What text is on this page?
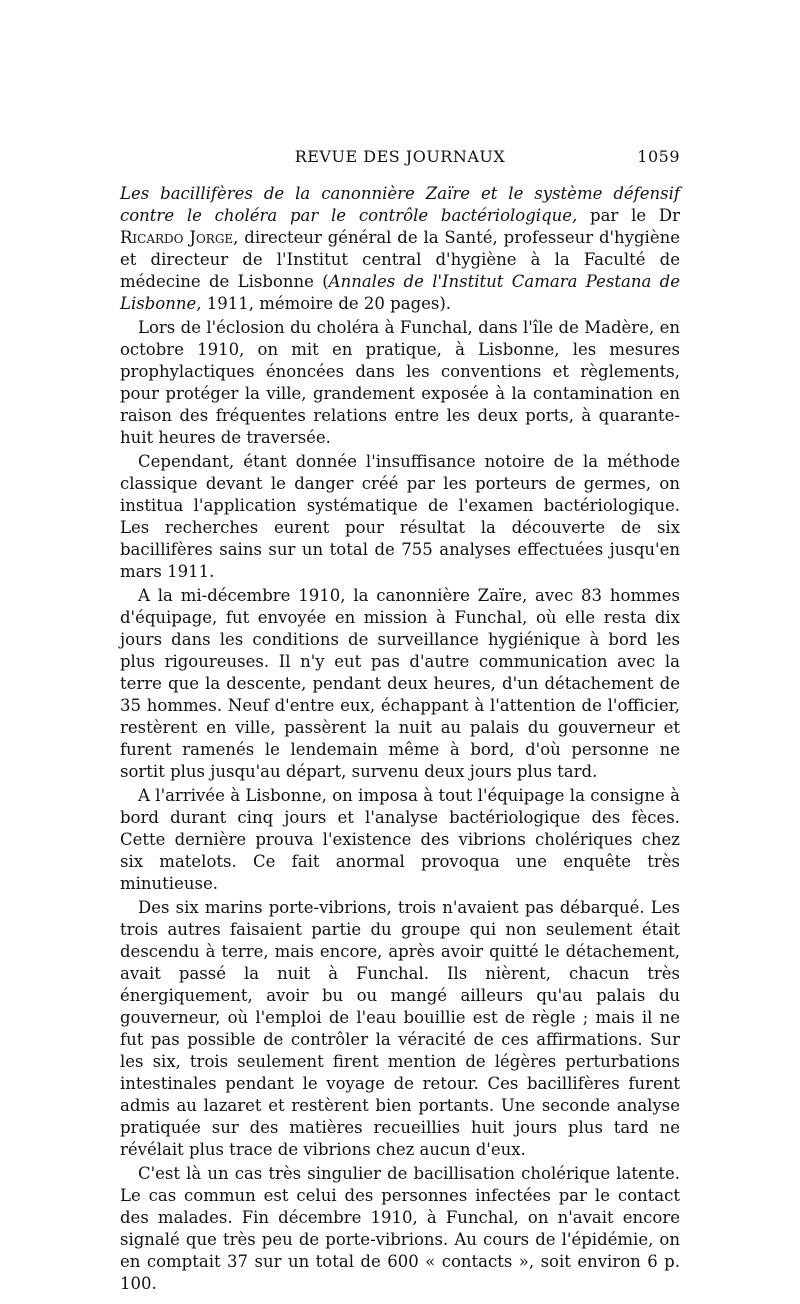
REVUE DES JOURNAUX	1059

Les bacillifères de la canonnière Zaïre et le système défensif contre le choléra par le contrôle bactériologique, par le Dr Ricardo Jorge, directeur général de la Santé, professeur d'hygiène et directeur de l'Institut central d'hygiène à la Faculté de médecine de Lisbonne (Annales de l'Institut Camara Pestana de Lisbonne, 1911, mémoire de 20 pages).

Lors de l'éclosion du choléra à Funchal, dans l'île de Madère, en octobre 1910, on mit en pratique, à Lisbonne, les mesures prophylactiques énoncées dans les conventions et règlements, pour protéger la ville, grandement exposée à la contamination en raison des fréquentes relations entre les deux ports, à quarante-huit heures de traversée.

Cependant, étant donnée l'insuffisance notoire de la méthode classique devant le danger créé par les porteurs de germes, on institua l'application systématique de l'examen bactériologique. Les recherches eurent pour résultat la découverte de six bacillifères sains sur un total de 755 analyses effectuées jusqu'en mars 1911.

A la mi-décembre 1910, la canonnière Zaïre, avec 83 hommes d'équipage, fut envoyée en mission à Funchal, où elle resta dix jours dans les conditions de surveillance hygiénique à bord les plus rigoureuses. Il n'y eut pas d'autre communication avec la terre que la descente, pendant deux heures, d'un détachement de 35 hommes. Neuf d'entre eux, échappant à l'attention de l'officier, restèrent en ville, passèrent la nuit au palais du gouverneur et furent ramenés le lendemain même à bord, d'où personne ne sortit plus jusqu'au départ, survenu deux jours plus tard.

A l'arrivée à Lisbonne, on imposa à tout l'équipage la consigne à bord durant cinq jours et l'analyse bactériologique des fèces. Cette dernière prouva l'existence des vibrions cholériques chez six matelots. Ce fait anormal provoqua une enquête très minutieuse.

Des six marins porte-vibrions, trois n'avaient pas débarqué. Les trois autres faisaient partie du groupe qui non seulement était descendu à terre, mais encore, après avoir quitté le détachement, avait passé la nuit à Funchal. Ils nièrent, chacun très énergiquement, avoir bu ou mangé ailleurs qu'au palais du gouverneur, où l'emploi de l'eau bouillie est de règle ; mais il ne fut pas possible de contrôler la véracité de ces affirmations. Sur les six, trois seulement firent mention de légères perturbations intestinales pendant le voyage de retour. Ces bacillifères furent admis au lazaret et restèrent bien portants. Une seconde analyse pratiquée sur des matières recueillies huit jours plus tard ne révélait plus trace de vibrions chez aucun d'eux.

C'est là un cas très singulier de bacillisation cholérique latente. Le cas commun est celui des personnes infectées par le contact des malades. Fin décembre 1910, à Funchal, on n'avait encore signalé que très peu de porte-vibrions. Au cours de l'épidémie, on en comptait 37 sur un total de 600 « contacts », soit environ 6 p. 100.
